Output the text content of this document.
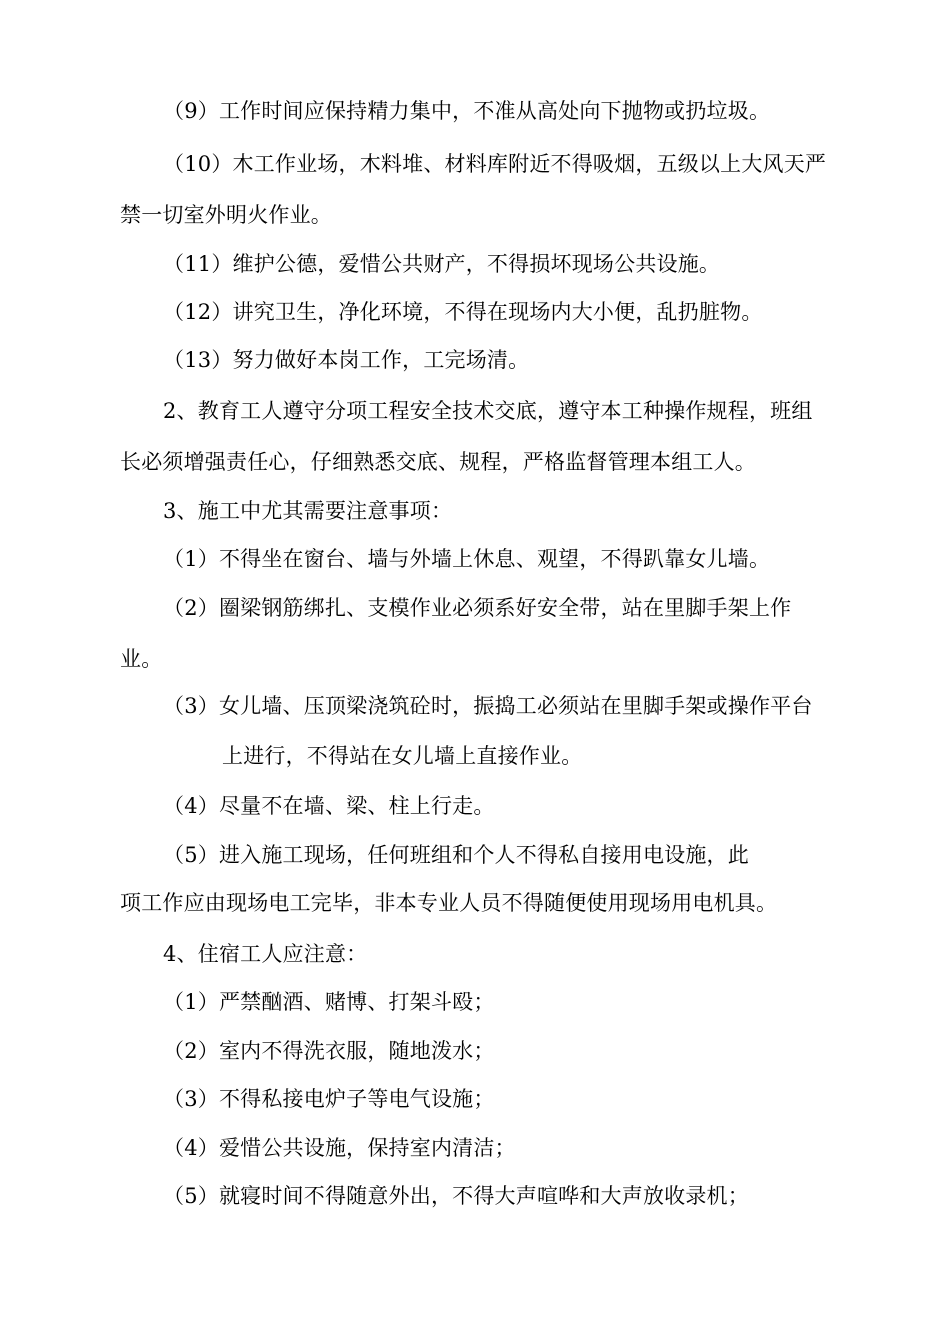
（9）工作时间应保持精力集中，不准从高处向下抛物或扔垃圾。
（10）木工作业场，木料堆、材料库附近不得吸烟，五级以上大风天严
禁一切室外明火作业。
（11）维护公德，爱惜公共财产，不得损坏现场公共设施。
（12）讲究卫生，净化环境，不得在现场内大小便，乱扔脏物。
（13）努力做好本岗工作，工完场清。
2、教育工人遵守分项工程安全技术交底，遵守本工种操作规程，班组
长必须增强责任心，仔细熟悉交底、规程，严格监督管理本组工人。
3、施工中尤其需要注意事项：
（1）不得坐在窗台、墙与外墙上休息、观望，不得趴靠女儿墙。
（2）圈梁钢筋绑扎、支模作业必须系好安全带，站在里脚手架上作
业。
（3）女儿墙、压顶梁浇筑砼时，振捣工必须站在里脚手架或操作平台
上进行，不得站在女儿墙上直接作业。
（4）尽量不在墙、梁、柱上行走。
（5）进入施工现场，任何班组和个人不得私自接用电设施，此
项工作应由现场电工完毕，非本专业人员不得随便使用现场用电机具。
4、住宿工人应注意：
（1）严禁酗酒、赌博、打架斗殴；
（2）室内不得洗衣服，随地泼水；
（3）不得私接电炉子等电气设施；
（4）爱惜公共设施，保持室内清洁；
（5）就寝时间不得随意外出，不得大声喧哗和大声放收录机；
